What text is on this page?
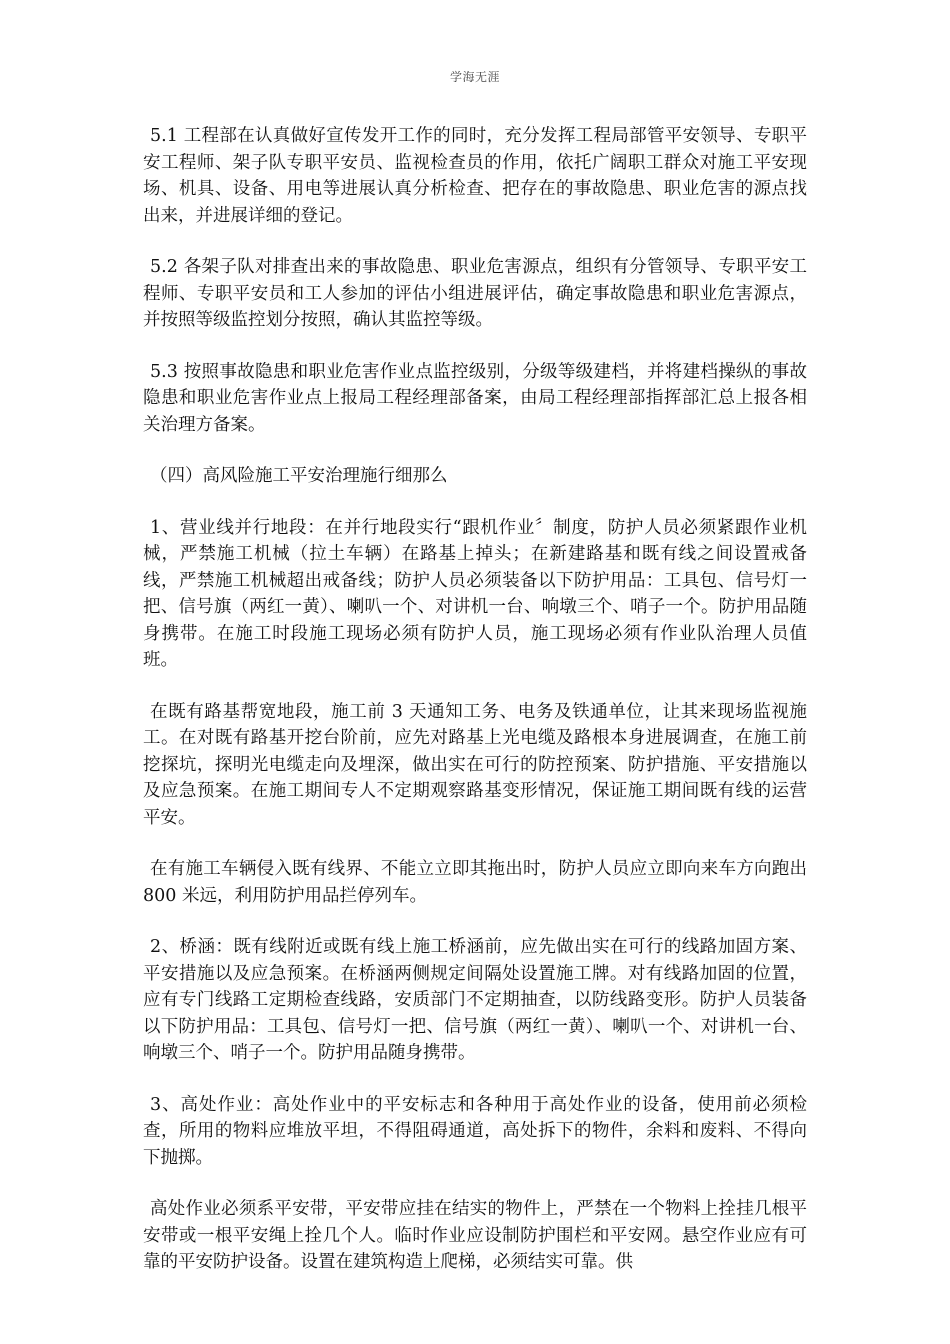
学海无涯

5.1 工程部在认真做好宣传发开工作的同时，充分发挥工程局部管平安领导、专职平安工程师、架子队专职平安员、监视检查员的作用，依托广阔职工群众对施工平安现场、机具、设备、用电等进展认真分析检查、把存在的事故隐患、职业危害的源点找出来，并进展详细的登记。

5.2 各架子队对排查出来的事故隐患、职业危害源点，组织有分管领导、专职平安工程师、专职平安员和工人参加的评估小组进展评估，确定事故隐患和职业危害源点，并按照等级监控划分按照，确认其监控等级。

5.3 按照事故隐患和职业危害作业点监控级别，分级等级建档，并将建档操纵的事故隐患和职业危害作业点上报局工程经理部备案，由局工程经理部指挥部汇总上报各相关治理方备案。

（四）高风险施工平安治理施行细那么

1、营业线并行地段：在并行地段实行“跟机作业〞制度，防护人员必须紧跟作业机械，严禁施工机械（拉土车辆）在路基上掉头；在新建路基和既有线之间设置戒备线，严禁施工机械超出戒备线；防护人员必须装备以下防护用品：工具包、信号灯一把、信号旗（两红一黄）、喇叭一个、对讲机一台、响墩三个、哨子一个。防护用品随身携带。在施工时段施工现场必须有防护人员，施工现场必须有作业队治理人员值班。

在既有路基帮宽地段，施工前 3 天通知工务、电务及铁通单位，让其来现场监视施工。在对既有路基开挖台阶前，应先对路基上光电缆及路根本身进展调查，在施工前挖探坑，探明光电缆走向及埋深，做出实在可行的防控预案、防护措施、平安措施以及应急预案。在施工期间专人不定期观察路基变形情况，保证施工期间既有线的运营平安。

在有施工车辆侵入既有线界、不能立立即其拖出时，防护人员应立即向来车方向跑出 800 米远，利用防护用品拦停列车。

2、桥涵：既有线附近或既有线上施工桥涵前，应先做出实在可行的线路加固方案、平安措施以及应急预案。在桥涵两侧规定间隔处设置施工牌。对有线路加固的位置，应有专门线路工定期检查线路，安质部门不定期抽查，以防线路变形。防护人员装备以下防护用品：工具包、信号灯一把、信号旗（两红一黄）、喇叭一个、对讲机一台、响墩三个、哨子一个。防护用品随身携带。

3、高处作业：高处作业中的平安标志和各种用于高处作业的设备，使用前必须检查，所用的物料应堆放平坦，不得阻碍通道，高处拆下的物件，余料和废料、不得向下抛掷。

高处作业必须系平安带，平安带应挂在结实的物件上，严禁在一个物料上拴挂几根平安带或一根平安绳上拴几个人。临时作业应设制防护围栏和平安网。悬空作业应有可靠的平安防护设备。设置在建筑构造上爬梯，必须结实可靠。供
